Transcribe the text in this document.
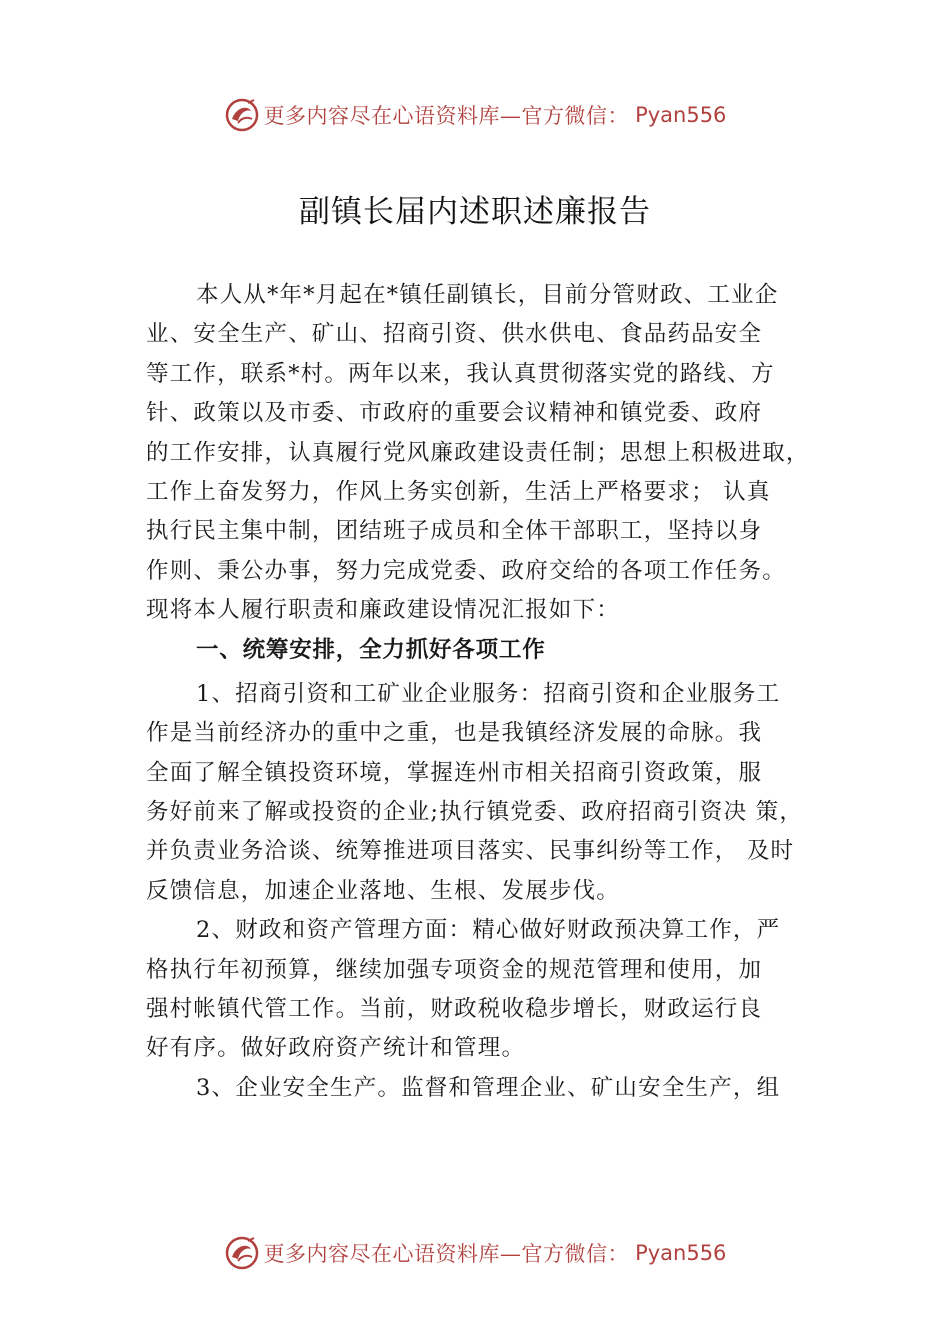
更多内容尽在心语资料库—官方微信： Pyan556
副镇长届内述职述廉报告
本人从*年*月起在*镇任副镇长，目前分管财政、工业企
业、安全生产、矿山、招商引资、供水供电、食品药品安全
等工作，联系*村。两年以来，我认真贯彻落实党的路线、方
针、政策以及市委、市政府的重要会议精神和镇党委、政府
的工作安排，认真履行党风廉政建设责任制；思想上积极进取，
工作上奋发努力，作风上务实创新，生活上严格要求； 认真
执行民主集中制，团结班子成员和全体干部职工，坚持以身
作则、秉公办事，努力完成党委、政府交给的各项工作任务。
现将本人履行职责和廉政建设情况汇报如下：
一、统筹安排，全力抓好各项工作
1、招商引资和工矿业企业服务：招商引资和企业服务工
作是当前经济办的重中之重，也是我镇经济发展的命脉。我
全面了解全镇投资环境，掌握连州市相关招商引资政策，服
务好前来了解或投资的企业;执行镇党委、政府招商引资决 策，
并负责业务洽谈、统筹推进项目落实、民事纠纷等工作， 及时
反馈信息，加速企业落地、生根、发展步伐。
2、财政和资产管理方面：精心做好财政预决算工作，严
格执行年初预算，继续加强专项资金的规范管理和使用，加
强村帐镇代管工作。当前，财政税收稳步增长，财政运行良
好有序。做好政府资产统计和管理。
3、企业安全生产。监督和管理企业、矿山安全生产，组
更多内容尽在心语资料库—官方微信： Pyan556
